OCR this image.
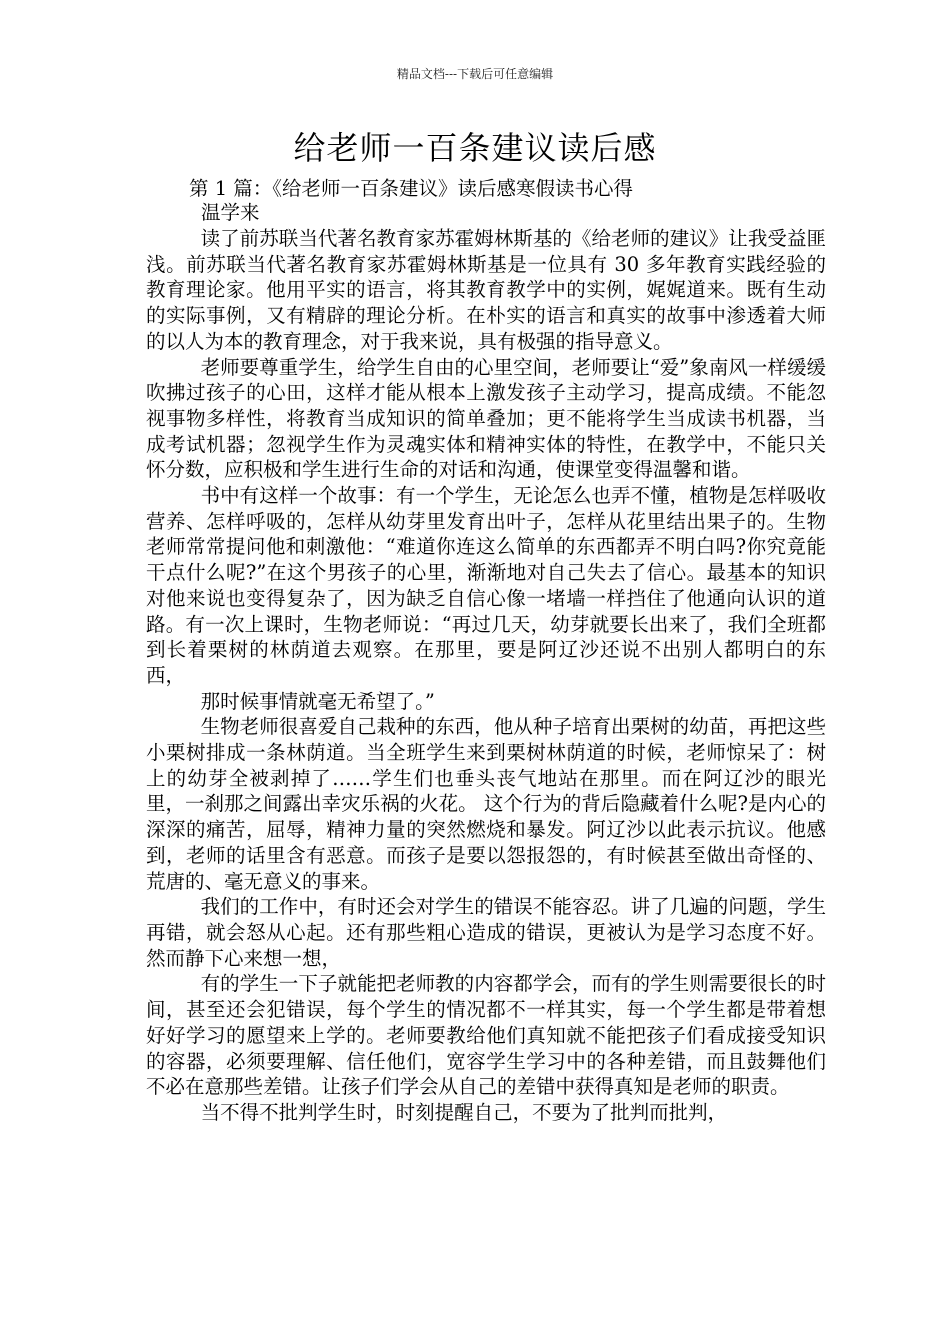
精品文档---下载后可任意编辑
给老师一百条建议读后感
第 1 篇：《给老师一百条建议》读后感寒假读书心得
温学来

读了前苏联当代著名教育家苏霍姆林斯基的《给老师的建议》让我受益匪浅。前苏联当代著名教育家苏霍姆林斯基是一位具有 30 多年教育实践经验的教育理论家。他用平实的语言，将其教育教学中的实例，娓娓道来。既有生动的实际事例，又有精辟的理论分析。在朴实的语言和真实的故事中渗透着大师的以人为本的教育理念，对于我来说，具有极强的指导意义。

老师要尊重学生，给学生自由的心里空间，老师要让“爱”象南风一样缓缓吹拂过孩子的心田，这样才能从根本上激发孩子主动学习，提高成绩。不能忽视事物多样性，将教育当成知识的简单叠加；更不能将学生当成读书机器，当成考试机器；忽视学生作为灵魂实体和精神实体的特性，在教学中，不能只关怀分数，应积极和学生进行生命的对话和沟通，使课堂变得温馨和谐。

书中有这样一个故事：有一个学生，无论怎么也弄不懂，植物是怎样吸收营养、怎样呼吸的，怎样从幼芽里发育出叶子，怎样从花里结出果子的。生物老师常常提问他和刺激他：“难道你连这么简单的东西都弄不明白吗?你究竟能干点什么呢?”在这个男孩子的心里，渐渐地对自己失去了信心。最基本的知识对他来说也变得复杂了，因为缺乏自信心像一堵墙一样挡住了他通向认识的道路。有一次上课时，生物老师说：“再过几天，幼芽就要长出来了，我们全班都到长着栗树的林荫道去观察。在那里，要是阿辽沙还说不出别人都明白的东西，

那时候事情就毫无希望了。”

生物老师很喜爱自己栽种的东西，他从种子培育出栗树的幼苗，再把这些小栗树排成一条林荫道。当全班学生来到栗树林荫道的时候，老师惊呆了：树上的幼芽全被剥掉了……学生们也垂头丧气地站在那里。而在阿辽沙的眼光里，一刹那之间露出幸灾乐祸的火花。 这个行为的背后隐藏着什么呢?是内心的深深的痛苦，屈辱，精神力量的突然燃烧和暴发。阿辽沙以此表示抗议。他感到，老师的话里含有恶意。而孩子是要以怨报怨的，有时候甚至做出奇怪的、荒唐的、毫无意义的事来。

我们的工作中，有时还会对学生的错误不能容忍。讲了几遍的问题，学生再错，就会怒从心起。还有那些粗心造成的错误，更被认为是学习态度不好。然而静下心来想一想，

有的学生一下子就能把老师教的内容都学会，而有的学生则需要很长的时间，甚至还会犯错误，每个学生的情况都不一样其实，每一个学生都是带着想好好学习的愿望来上学的。老师要教给他们真知就不能把孩子们看成接受知识的容器，必须要理解、信任他们，宽容学生学习中的各种差错，而且鼓舞他们不必在意那些差错。让孩子们学会从自己的差错中获得真知是老师的职责。

当不得不批判学生时，时刻提醒自己，不要为了批判而批判，
